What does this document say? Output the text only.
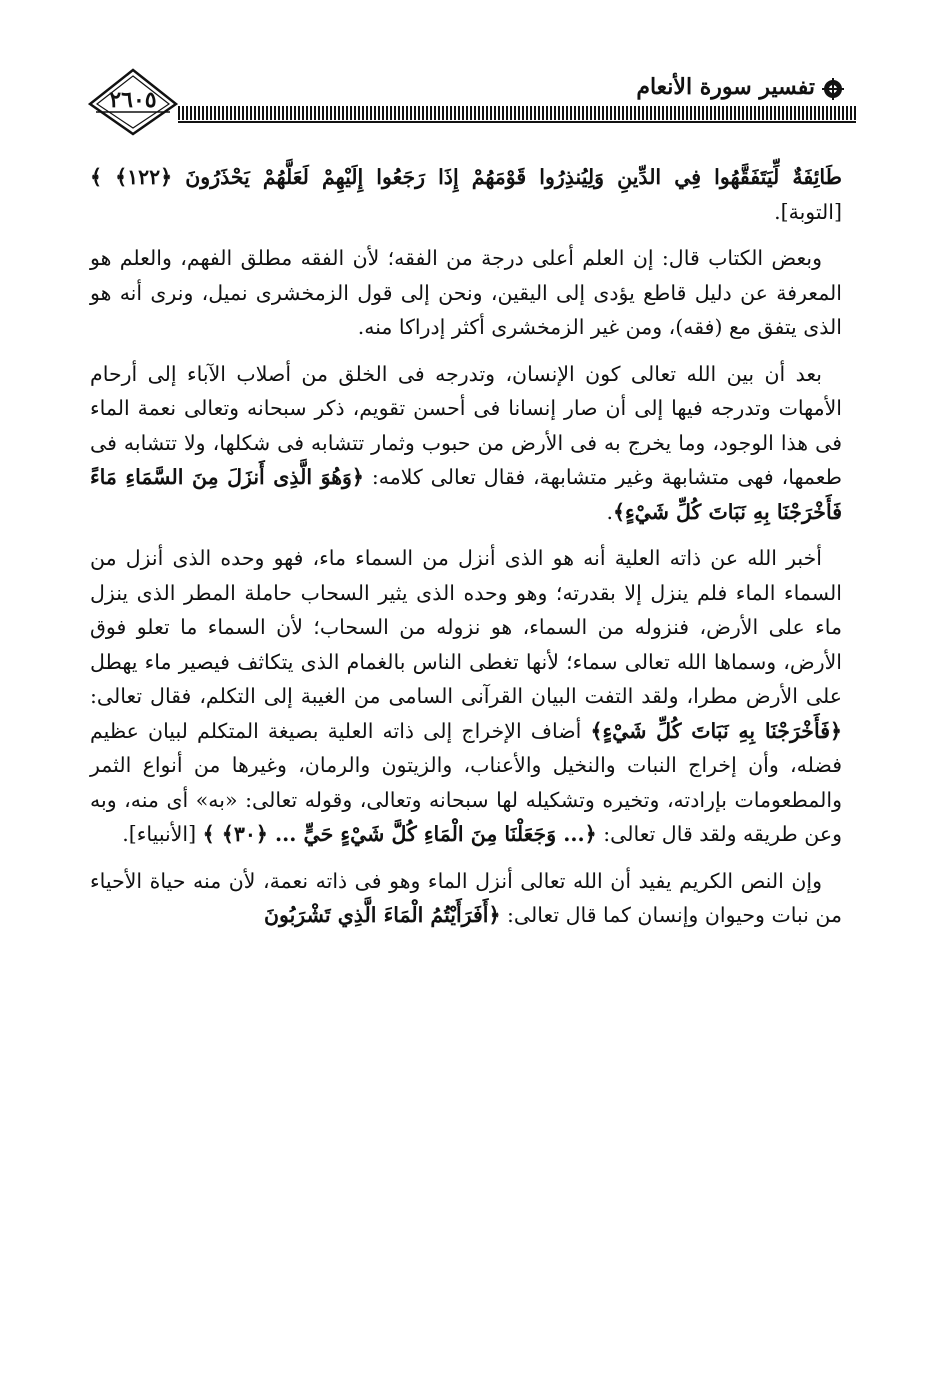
٢٦٠٥	تفسير سورة الأنعام

طَائِفَةٌ لِّيَتَفَقَّهُوا فِي الدِّينِ وَلِيُنذِرُوا قَوْمَهُمْ إِذَا رَجَعُوا إِلَيْهِمْ لَعَلَّهُمْ يَحْذَرُونَ ﴿١٢٢﴾ ﴾ [التوبة].

وبعض الكتاب قال: إن العلم أعلى درجة من الفقه؛ لأن الفقه مطلق الفهم، والعلم هو المعرفة عن دليل قاطع يؤدى إلى اليقين، ونحن إلى قول الزمخشرى نميل، ونرى أنه هو الذى يتفق مع (فقه)، ومن غير الزمخشرى أكثر إدراكا منه.

بعد أن بين الله تعالى كون الإنسان، وتدرجه فى الخلق من أصلاب الآباء إلى أرحام الأمهات وتدرجه فيها إلى أن صار إنسانا فى أحسن تقويم، ذكر سبحانه وتعالى نعمة الماء فى هذا الوجود، وما يخرج به فى الأرض من حبوب وثمار تتشابه فى شكلها، ولا تتشابه فى طعمها، فهى متشابهة وغير متشابهة، فقال تعالى كلامه: ﴿وَهُوَ الَّذِى أَنزَلَ مِنَ السَّمَاءِ مَاءً فَأَخْرَجْنَا بِهِ نَبَاتَ كُلِّ شَيْءٍ﴾.

أخبر الله عن ذاته العلية أنه هو الذى أنزل من السماء ماء، فهو وحده الذى أنزل من السماء الماء فلم ينزل إلا بقدرته؛ وهو وحده الذى يثير السحاب حاملة المطر الذى ينزل ماء على الأرض، فنزوله من السماء، هو نزوله من السحاب؛ لأن السماء ما تعلو فوق الأرض، وسماها الله تعالى سماء؛ لأنها تغطى الناس بالغمام الذى يتكاثف فيصير ماء يهطل على الأرض مطرا، ولقد التفت البيان القرآنى السامى من الغيبة إلى التكلم، فقال تعالى: ﴿فَأَخْرَجْنَا بِهِ نَبَاتَ كُلِّ شَيْءٍ﴾ أضاف الإخراج إلى ذاته العلية بصيغة المتكلم لبيان عظيم فضله، وأن إخراج النبات والنخيل والأعناب، والزيتون والرمان، وغيرها من أنواع الثمر والمطعومات بإرادته، وتخيره وتشكيله لها سبحانه وتعالى، وقوله تعالى: «به» أى منه، وبه وعن طريقه ولقد قال تعالى: ﴿... وَجَعَلْنَا مِنَ الْمَاءِ كُلَّ شَيْءٍ حَيٍّ ... ﴿٣٠﴾ ﴾ [الأنبياء].

وإن النص الكريم يفيد أن الله تعالى أنزل الماء وهو فى ذاته نعمة، لأن منه حياة الأحياء من نبات وحيوان وإنسان كما قال تعالى: ﴿أَفَرَأَيْتُمُ الْمَاءَ الَّذِي تَشْرَبُونَ
